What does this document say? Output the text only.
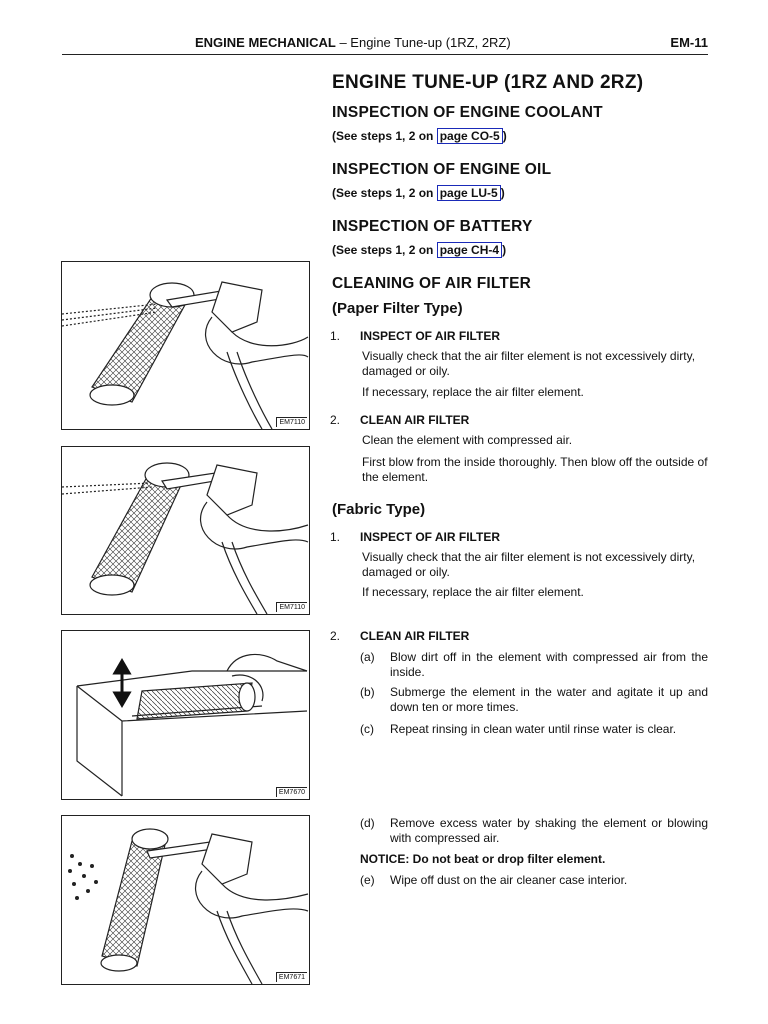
ENGINE MECHANICAL – Engine Tune-up (1RZ, 2RZ)	EM-11
ENGINE TUNE-UP (1RZ AND 2RZ)
INSPECTION OF ENGINE COOLANT
(See steps 1, 2 on page CO-5 )
INSPECTION OF ENGINE OIL
(See steps 1, 2 on page LU-5 )
INSPECTION OF BATTERY
(See steps 1, 2 on page CH-4 )
CLEANING OF AIR FILTER
(Paper Filter Type)
1.	INSPECT OF AIR FILTER
Visually check that the air filter element is not excessively dirty, damaged or oily.
If necessary, replace the air filter element.
2.	CLEAN AIR FILTER
Clean the element with compressed air.
First blow from the inside thoroughly. Then blow off the outside of the element.
(Fabric Type)
1.	INSPECT OF AIR FILTER
Visually check that the air filter element is not excessively dirty, damaged or oily.
If necessary, replace the air filter element.
2.	CLEAN AIR FILTER
(a) Blow dirt off in the element with compressed air from the inside.
(b) Submerge the element in the water and agitate it up and down ten or more times.
(c) Repeat rinsing in clean water until rinse water is clear.
(d) Remove excess water by shaking the element or blowing with compressed air.
NOTICE: Do not beat or drop filter element.
(e) Wipe off dust on the air cleaner case interior.
EM7110
EM7110
EM7670
EM7671
